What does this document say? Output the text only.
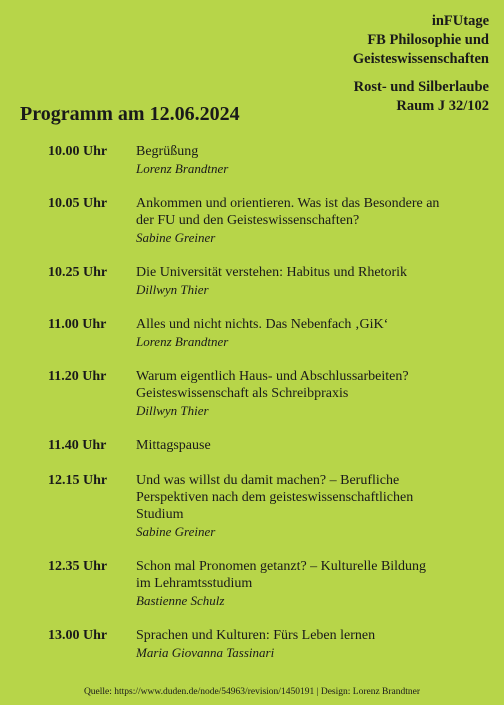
inFUtage
FB Philosophie und
Geisteswissenschaften
Rost- und Silberlaube
Raum J 32/102
Programm am 12.06.2024
10.00 Uhr Begrüßung
Lorenz Brandtner
10.05 Uhr Ankommen und orientieren. Was ist das Besondere an
der FU und den Geisteswissenschaften?
Sabine Greiner
10.25 Uhr Die Universität verstehen: Habitus und Rhetorik
Dillwyn Thier
11.00 Uhr Alles und nicht nichts. Das Nebenfach ‚GiK‘
Lorenz Brandtner
11.20 Uhr Warum eigentlich Haus- und Abschlussarbeiten?
Geisteswissenschaft als Schreibpraxis
Dillwyn Thier
11.40 Uhr Mittagspause
12.15 Uhr Und was willst du damit machen? – Berufliche
Perspektiven nach dem geisteswissenschaftlichen
Studium
Sabine Greiner
12.35 Uhr Schon mal Pronomen getanzt? – Kulturelle Bildung
im Lehramtsstudium
Bastienne Schulz
13.00 Uhr Sprachen und Kulturen: Fürs Leben lernen
Maria Giovanna Tassinari
Quelle: https://www.duden.de/node/54963/revision/1450191 | Design: Lorenz Brandtner
